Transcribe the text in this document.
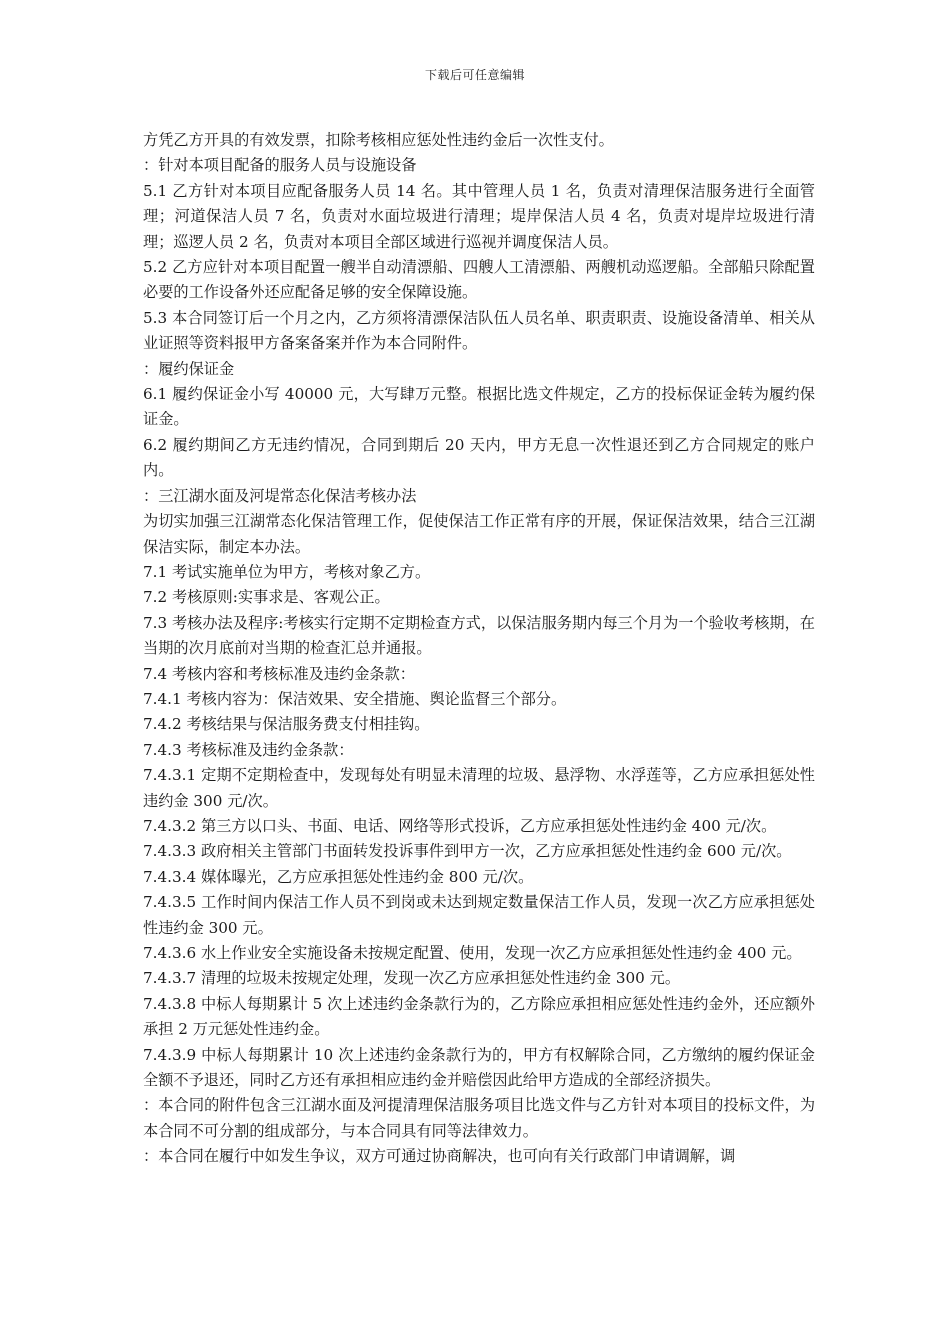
下载后可任意编辑

方凭乙方开具的有效发票，扣除考核相应惩处性违约金后一次性支付。

：针对本项目配备的服务人员与设施设备

5.1 乙方针对本项目应配备服务人员 14 名。其中管理人员 1 名，负责对清理保洁服务进行全面管理；河道保洁人员 7 名，负责对水面垃圾进行清理；堤岸保洁人员 4 名，负责对堤岸垃圾进行清理；巡逻人员 2 名，负责对本项目全部区域进行巡视并调度保洁人员。

5.2 乙方应针对本项目配置一艘半自动清漂船、四艘人工清漂船、两艘机动巡逻船。全部船只除配置必要的工作设备外还应配备足够的安全保障设施。

5.3 本合同签订后一个月之内，乙方须将清漂保洁队伍人员名单、职责职责、设施设备清单、相关从业证照等资料报甲方备案备案并作为本合同附件。

：履约保证金

6.1 履约保证金小写 40000 元，大写肆万元整。根据比选文件规定，乙方的投标保证金转为履约保证金。

6.2 履约期间乙方无违约情况，合同到期后 20 天内，甲方无息一次性退还到乙方合同规定的账户内。

：三江湖水面及河堤常态化保洁考核办法

为切实加强三江湖常态化保洁管理工作，促使保洁工作正常有序的开展，保证保洁效果，结合三江湖保洁实际，制定本办法。

7.1 考试实施单位为甲方，考核对象乙方。

7.2 考核原则:实事求是、客观公正。

7.3 考核办法及程序:考核实行定期不定期检查方式，以保洁服务期内每三个月为一个验收考核期，在当期的次月底前对当期的检查汇总并通报。

7.4 考核内容和考核标准及违约金条款：

7.4.1 考核内容为：保洁效果、安全措施、舆论监督三个部分。

7.4.2 考核结果与保洁服务费支付相挂钩。

7.4.3 考核标准及违约金条款：

7.4.3.1 定期不定期检查中，发现每处有明显未清理的垃圾、悬浮物、水浮莲等，乙方应承担惩处性违约金 300 元/次。

7.4.3.2 第三方以口头、书面、电话、网络等形式投诉，乙方应承担惩处性违约金 400 元/次。

7.4.3.3 政府相关主管部门书面转发投诉事件到甲方一次，乙方应承担惩处性违约金 600 元/次。

7.4.3.4 媒体曝光，乙方应承担惩处性违约金 800 元/次。

7.4.3.5 工作时间内保洁工作人员不到岗或未达到规定数量保洁工作人员，发现一次乙方应承担惩处性违约金 300 元。

7.4.3.6 水上作业安全实施设备未按规定配置、使用，发现一次乙方应承担惩处性违约金 400 元。

7.4.3.7 清理的垃圾未按规定处理，发现一次乙方应承担惩处性违约金 300 元。

7.4.3.8 中标人每期累计 5 次上述违约金条款行为的，乙方除应承担相应惩处性违约金外，还应额外承担 2 万元惩处性违约金。

7.4.3.9 中标人每期累计 10 次上述违约金条款行为的，甲方有权解除合同，乙方缴纳的履约保证金全额不予退还，同时乙方还有承担相应违约金并赔偿因此给甲方造成的全部经济损失。

：本合同的附件包含三江湖水面及河提清理保洁服务项目比选文件与乙方针对本项目的投标文件，为本合同不可分割的组成部分，与本合同具有同等法律效力。

：本合同在履行中如发生争议，双方可通过协商解决，也可向有关行政部门申请调解，调
